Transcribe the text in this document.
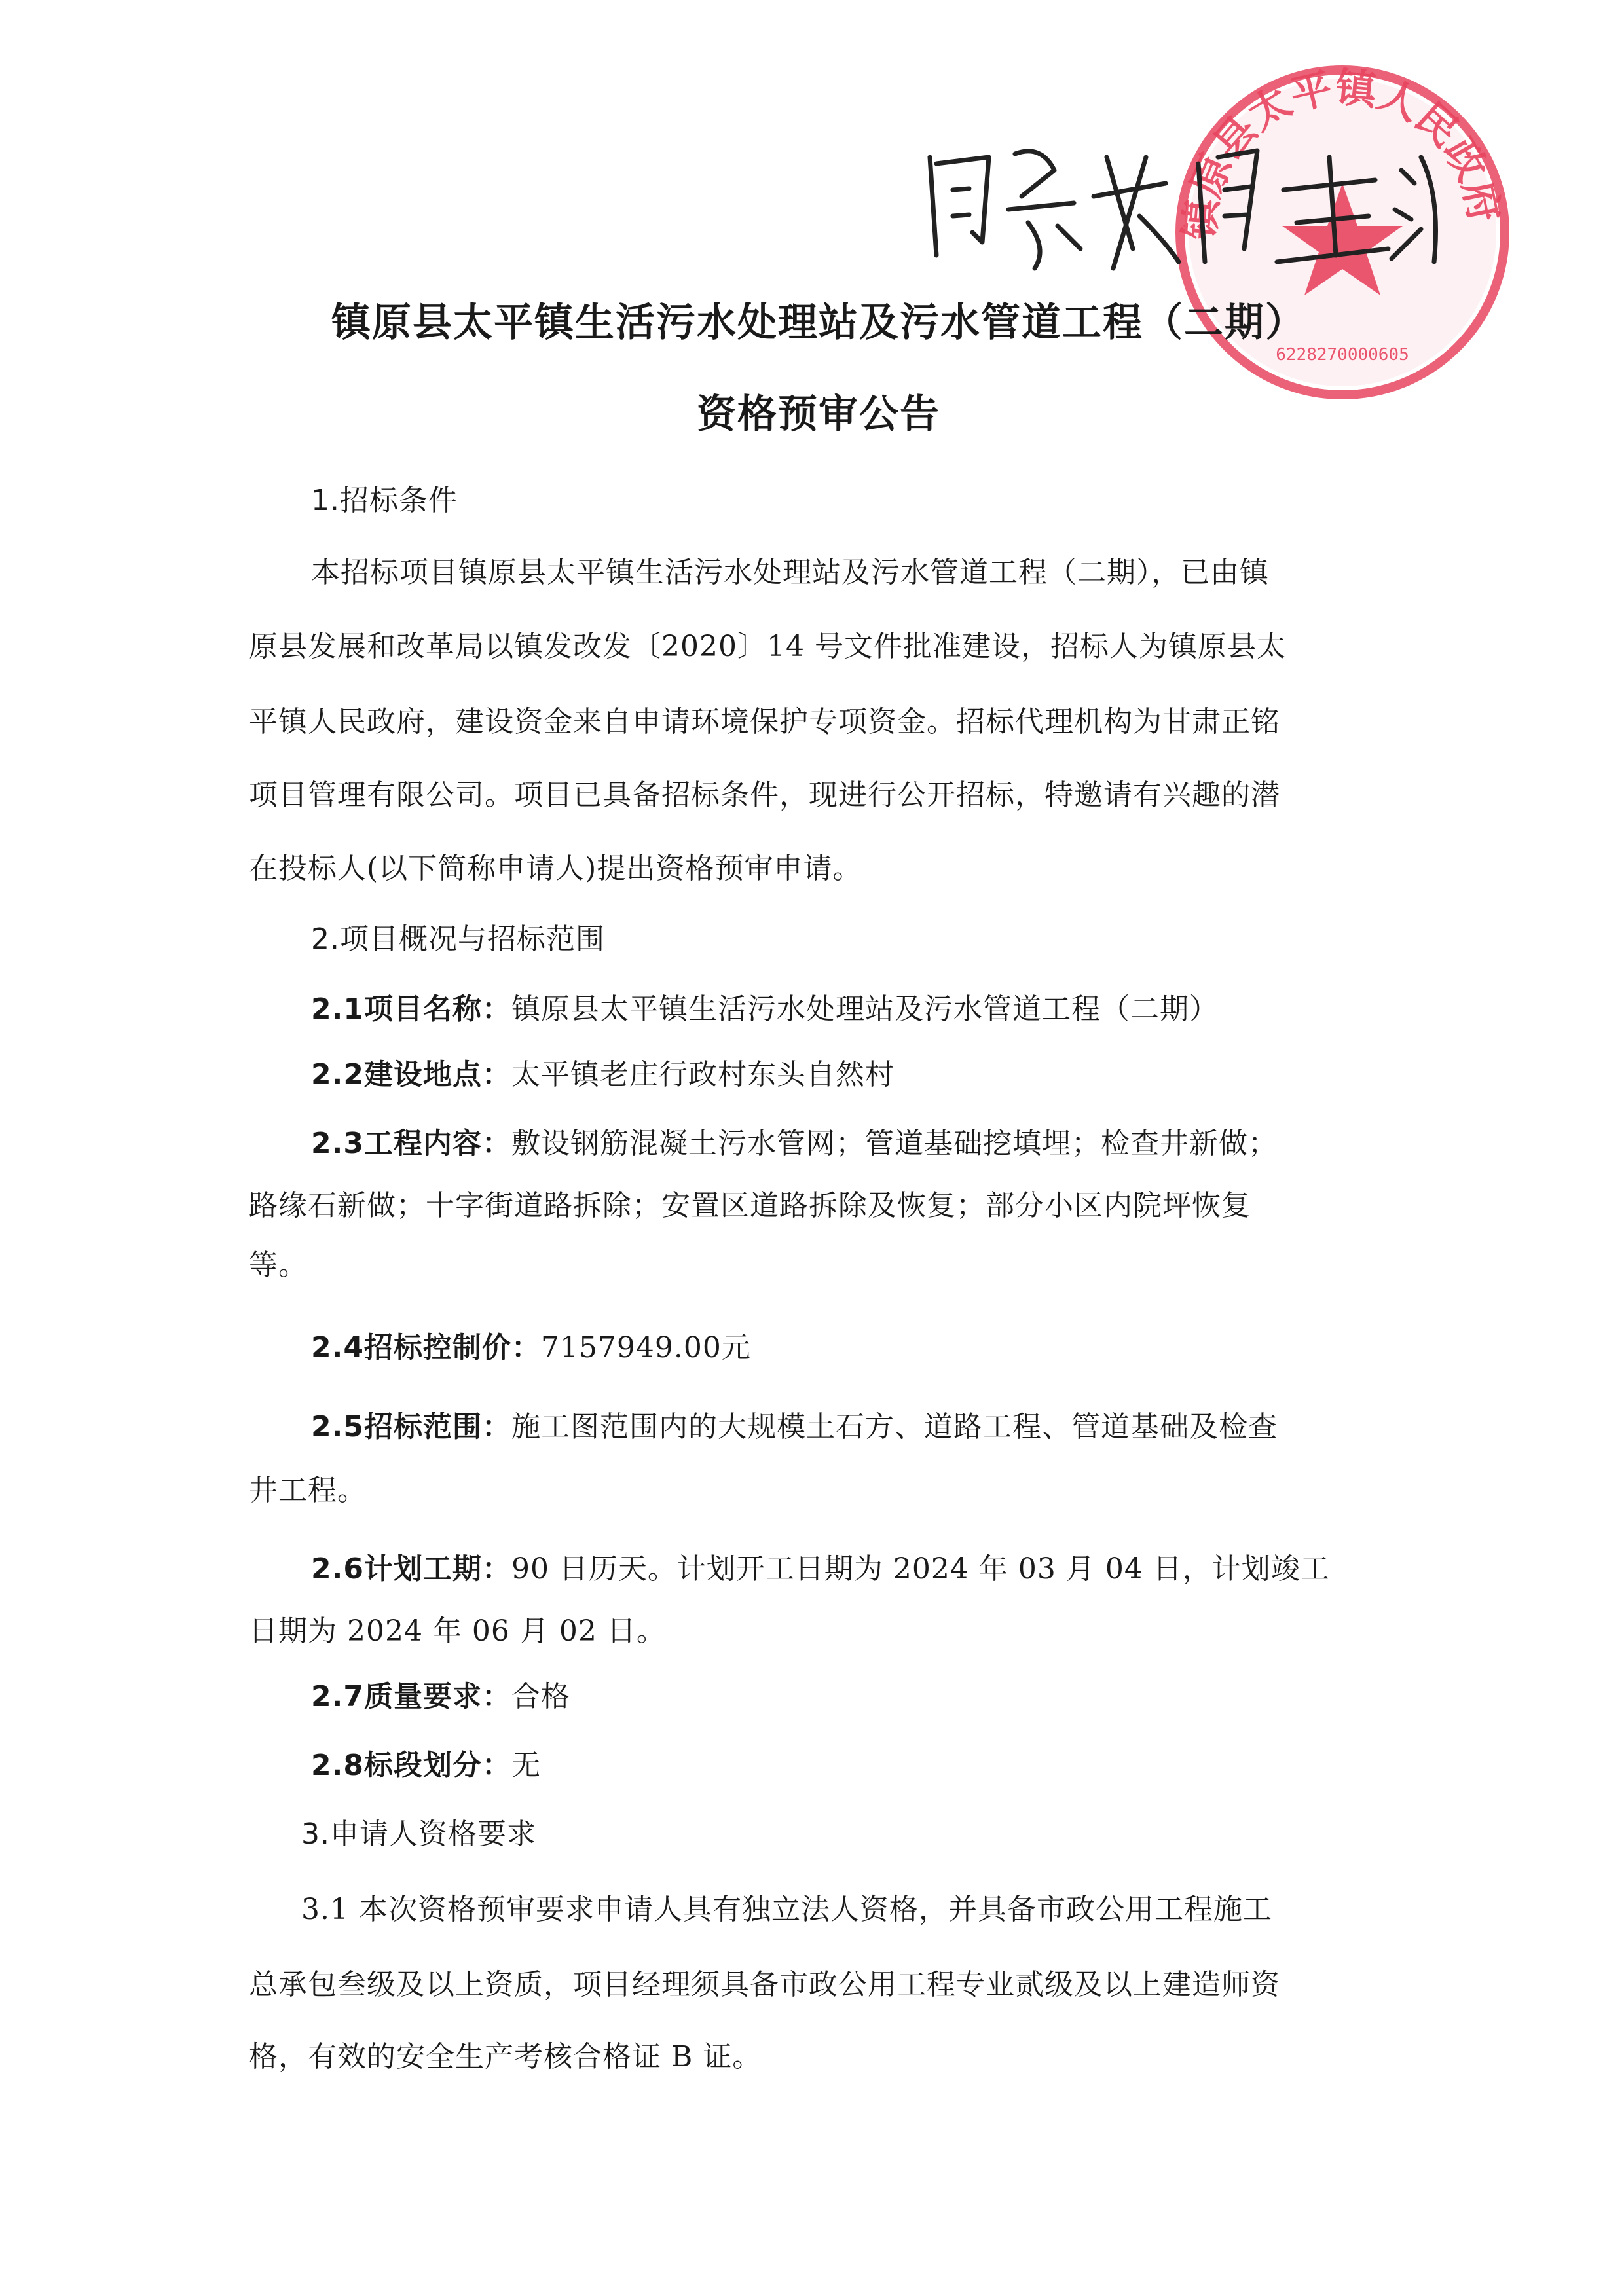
镇原县太平镇人民政府
6228270000605
镇原县太平镇生活污水处理站及污水管道工程（二期）
资格预审公告
1.招标条件
本招标项目镇原县太平镇生活污水处理站及污水管道工程（二期），已由镇
原县发展和改革局以镇发改发〔2020〕14 号文件批准建设，招标人为镇原县太
平镇人民政府，建设资金来自申请环境保护专项资金。招标代理机构为甘肃正铭
项目管理有限公司。项目已具备招标条件，现进行公开招标，特邀请有兴趣的潜
在投标人(以下简称申请人)提出资格预审申请。
2.项目概况与招标范围
2.1项目名称：镇原县太平镇生活污水处理站及污水管道工程（二期）
2.2建设地点：太平镇老庄行政村东头自然村
2.3工程内容：敷设钢筋混凝土污水管网；管道基础挖填埋；检查井新做；
路缘石新做；十字街道路拆除；安置区道路拆除及恢复；部分小区内院坪恢复
等。
2.4招标控制价：7157949.00元
2.5招标范围：施工图范围内的大规模土石方、道路工程、管道基础及检查
井工程。
2.6计划工期：90 日历天。计划开工日期为 2024 年 03 月 04 日，计划竣工
日期为 2024 年 06 月 02 日。
2.7质量要求：合格
2.8标段划分：无
3.申请人资格要求
3.1 本次资格预审要求申请人具有独立法人资格，并具备市政公用工程施工
总承包叁级及以上资质，项目经理须具备市政公用工程专业贰级及以上建造师资
格，有效的安全生产考核合格证 B 证。
